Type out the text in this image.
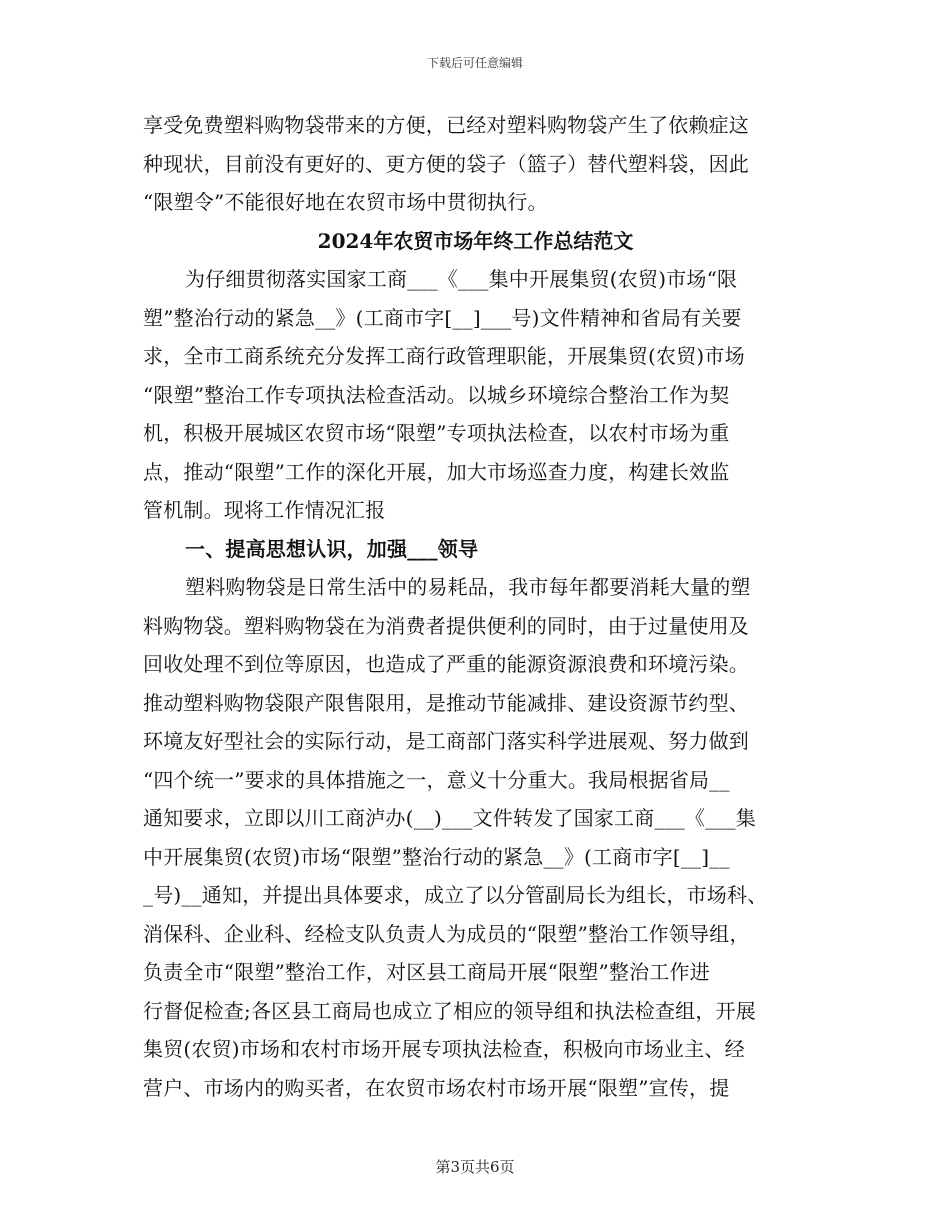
下载后可任意编辑
享受免费塑料购物袋带来的方便，已经对塑料购物袋产生了依赖症这
种现状，目前没有更好的、更方便的袋子（篮子）替代塑料袋，因此
“限塑令”不能很好地在农贸市场中贯彻执行。
2024年农贸市场年终工作总结范文
为仔细贯彻落实国家工商___《___集中开展集贸(农贸)市场“限
塑”整治行动的紧急__》(工商市字[__]___号)文件精神和省局有关要
求，全市工商系统充分发挥工商行政管理职能，开展集贸(农贸)市场
“限塑”整治工作专项执法检查活动。以城乡环境综合整治工作为契
机，积极开展城区农贸市场“限塑”专项执法检查，以农村市场为重
点，推动“限塑”工作的深化开展，加大市场巡查力度，构建长效监
管机制。现将工作情况汇报
一、提高思想认识，加强___领导
塑料购物袋是日常生活中的易耗品，我市每年都要消耗大量的塑
料购物袋。塑料购物袋在为消费者提供便利的同时，由于过量使用及
回收处理不到位等原因，也造成了严重的能源资源浪费和环境污染。
推动塑料购物袋限产限售限用，是推动节能减排、建设资源节约型、
环境友好型社会的实际行动，是工商部门落实科学进展观、努力做到
“四个统一”要求的具体措施之一，意义十分重大。我局根据省局__
通知要求，立即以川工商泸办(__)___文件转发了国家工商___《___集
中开展集贸(农贸)市场“限塑”整治行动的紧急__》(工商市字[__]__
_号)__通知，并提出具体要求，成立了以分管副局长为组长，市场科、
消保科、企业科、经检支队负责人为成员的“限塑”整治工作领导组，
负责全市“限塑”整治工作，对区县工商局开展“限塑”整治工作进
行督促检查;各区县工商局也成立了相应的领导组和执法检查组，开展
集贸(农贸)市场和农村市场开展专项执法检查，积极向市场业主、经
营户、市场内的购买者，在农贸市场农村市场开展“限塑”宣传，提
第3页共6页
